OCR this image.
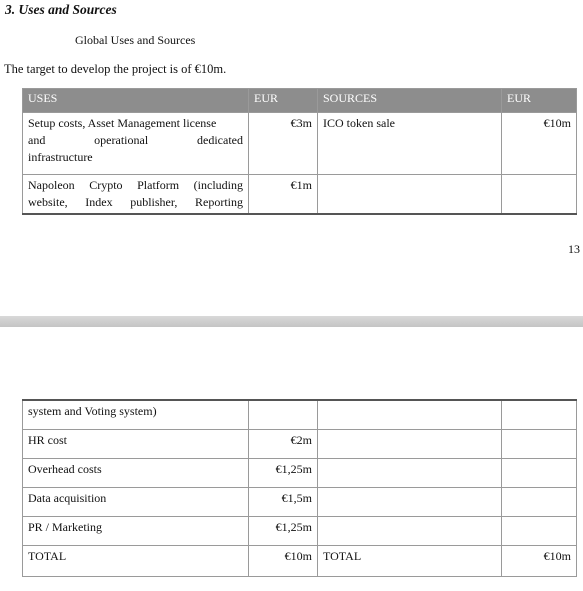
3. Uses and Sources
Global Uses and Sources
The target to develop the project is of €10m.
USES	EUR	SOURCES	EUR

Setup costs, Asset Management license
and operational dedicated
infrastructure	€3m	ICO token sale	€10m

Napoleon Crypto Platform (including
website, Index publisher, Reporting	€1m		
13
system and Voting system)			
HR cost	€2m		
Overhead costs	€1,25m		
Data acquisition	€1,5m		
PR / Marketing	€1,25m		
TOTAL	€10m	TOTAL	€10m
